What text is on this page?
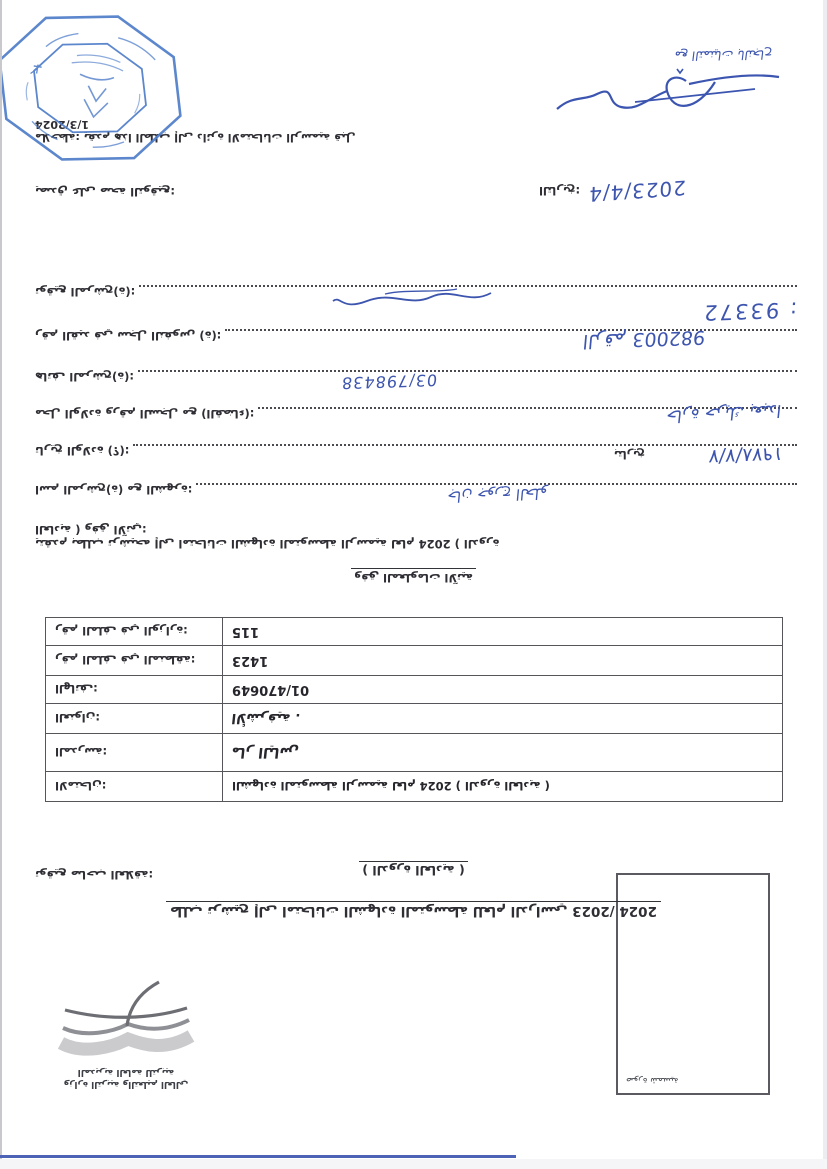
صورة شمسية
وزارة التربية والتعليم العالي
المديرية العامة للتربية
طلب ترشيح إلى امتحانات الشهادة المتوسطة للعام الدراسي 2023/ 2024
( الدورة العادية )
توقيع صاحب العلاقة:
الامتحان:	الشهادة المتوسطة الرسمية لعام 2024 ( الدورة العادية )
المدرسة:	مار الياس
العنوان:	الأشرفية .
الهاتف:	01/470649
رقم الملف في المنطقة:	1423
رقم الملف في الوزارة:	115
وفق المعلومات الآتية
يتقدم بطلب ترشيحه إلى امتحانات الشهادة المتوسطة الرسمية لعام 2024 ( الدورة العادية ) وفق الآتي:
اسم المرشح(ة) مع الشهرة:	جان جورج الحلو
تاريخ الولادة (؟):	بتاريخ	١٩٧٨/٧/٧
محل الولادة ورقم السجل مع (القضاء):	حارة حريك بعبدا
هاتف المرشح(ة):	03/798438
رقم القيد في سجل النفوس (ة):	الرقم 982003
93372 :
توقيع المرشح(ة):
يصدق على صحة التوقيع:
ملاحظة: يقدم هذا الطلب إلى دائرة الامتحانات الرسمية قبل 1/3/2024
التاريخ: 2023/4/4
مع التمنيات بالنجاح
